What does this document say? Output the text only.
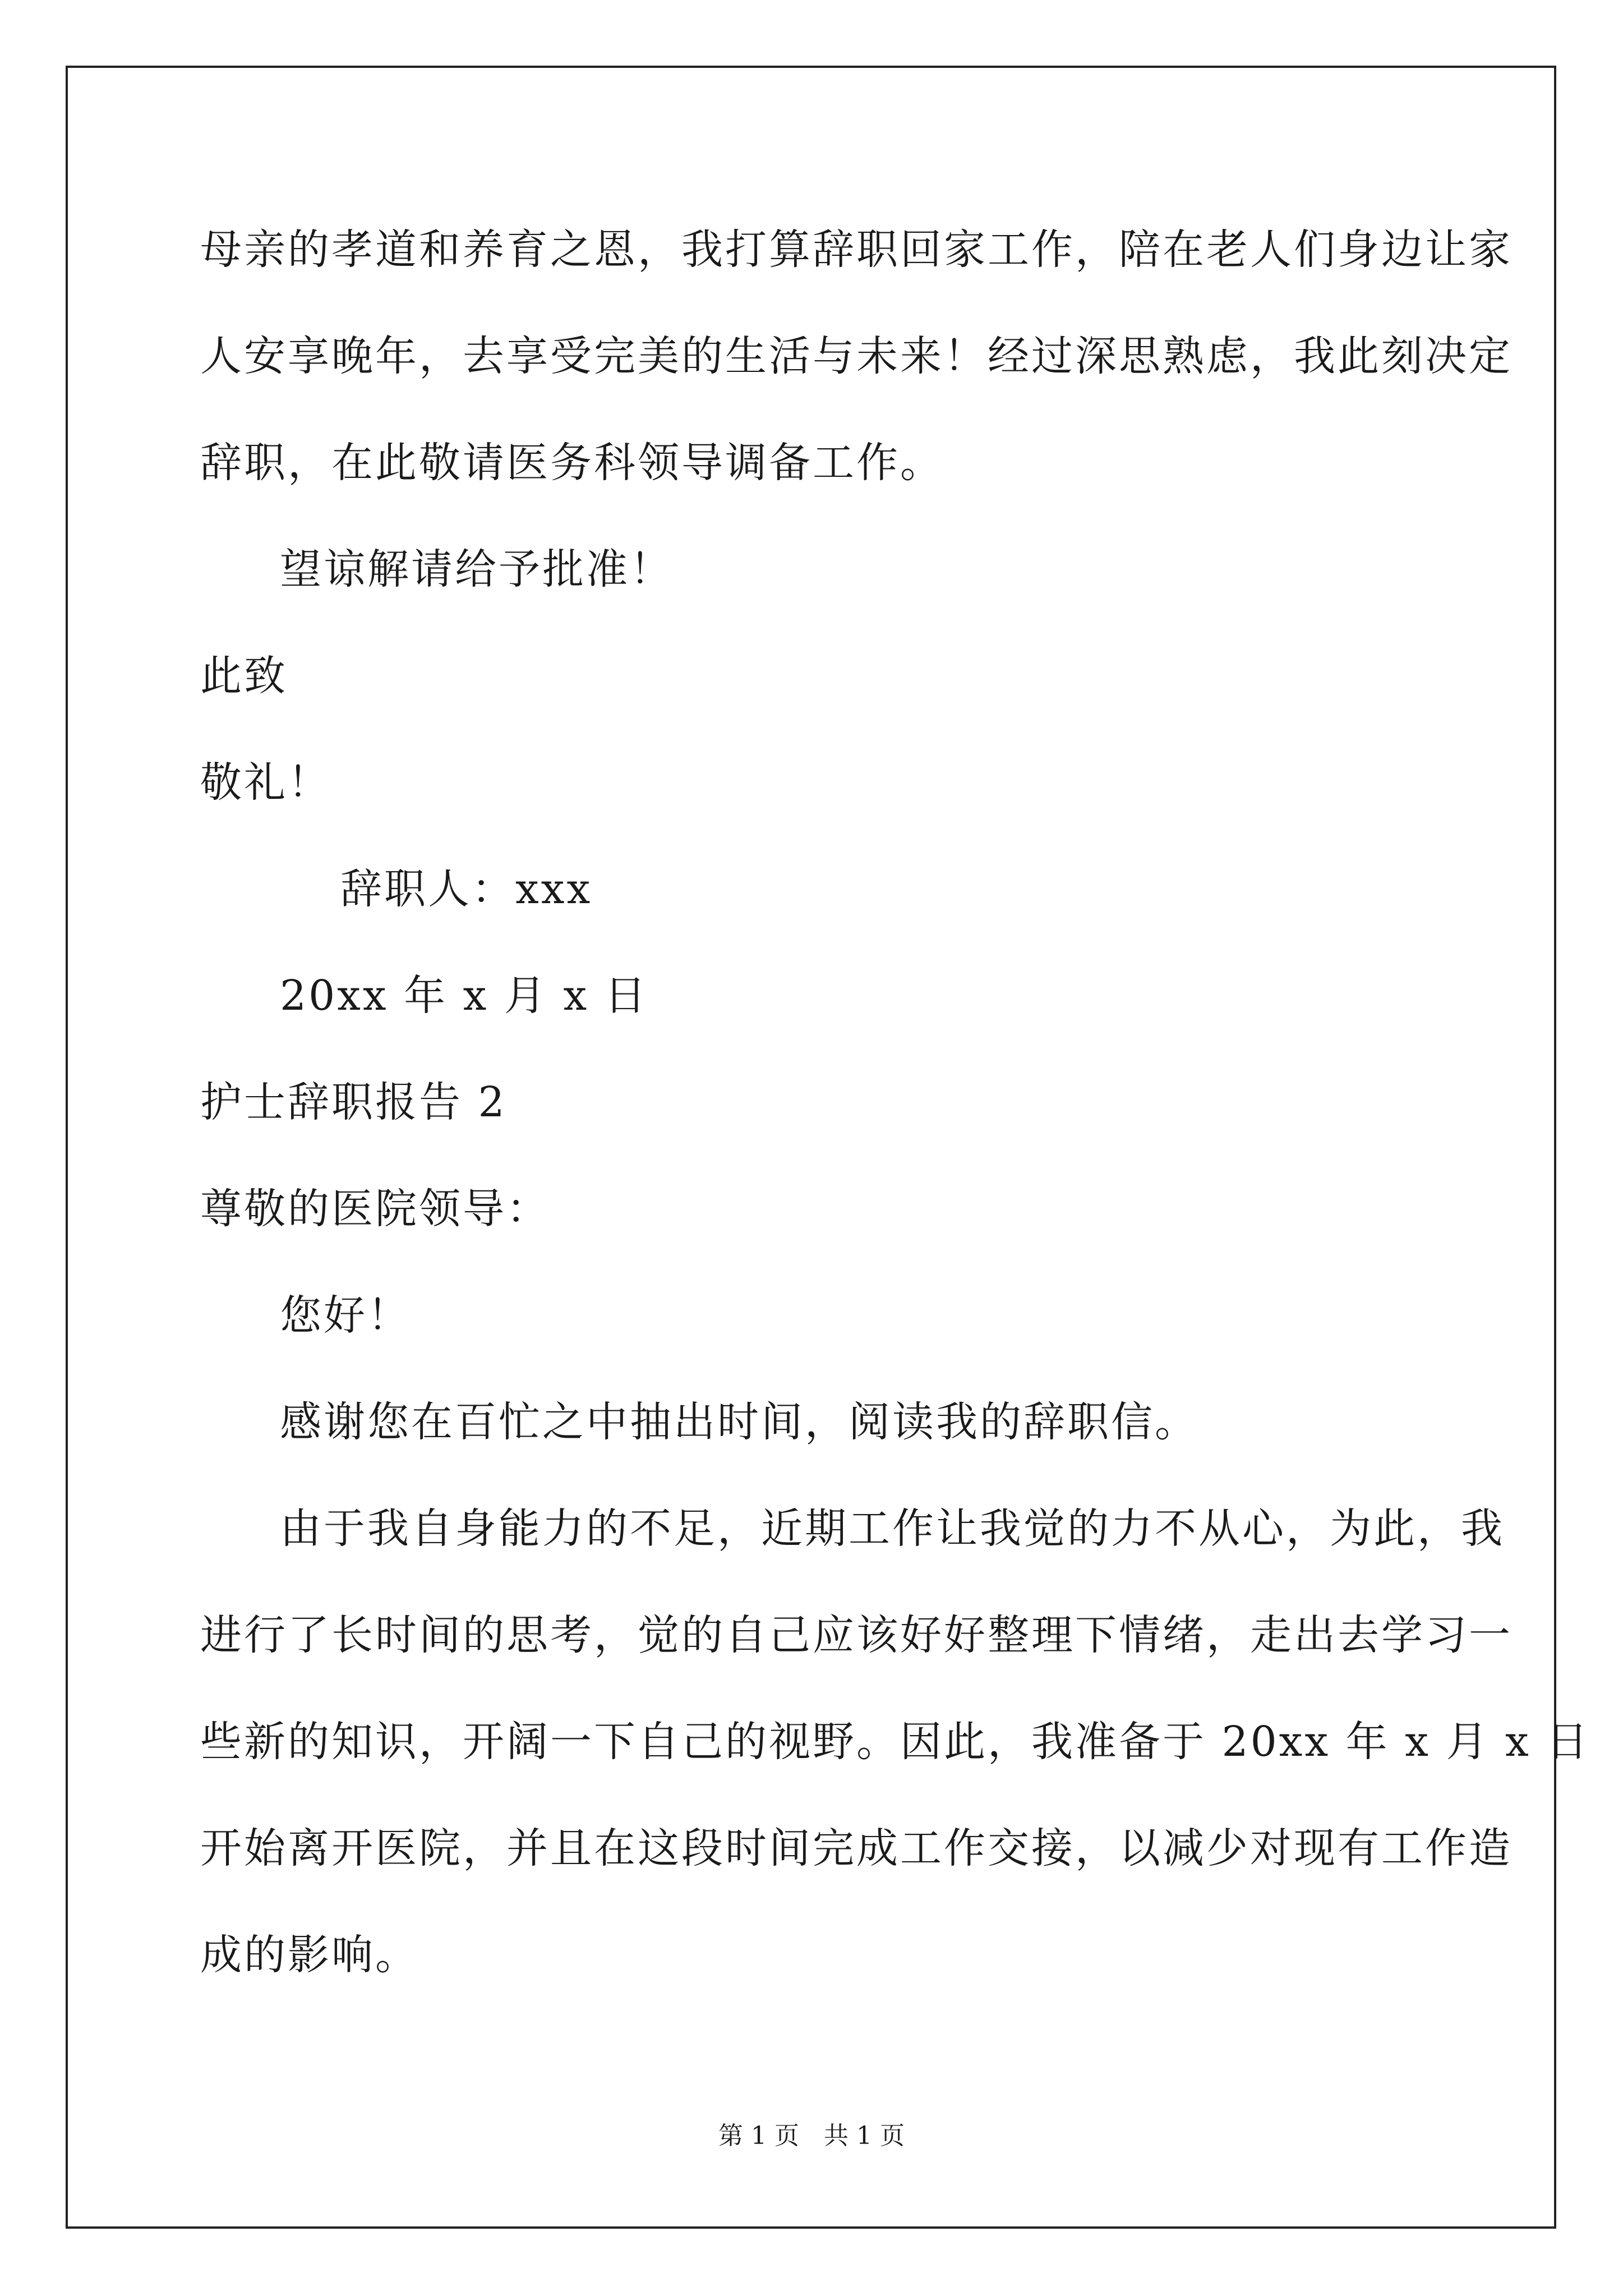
母亲的孝道和养育之恩，我打算辞职回家工作，陪在老人们身边让家
人安享晚年，去享受完美的生活与未来！经过深思熟虑，我此刻决定
辞职，在此敬请医务科领导调备工作。
望谅解请给予批准！
此致
敬礼！
辞职人：xxx
20xx 年 x 月 x 日
护士辞职报告 2
尊敬的医院领导：
您好！
感谢您在百忙之中抽出时间，阅读我的辞职信。
由于我自身能力的不足，近期工作让我觉的力不从心，为此，我
进行了长时间的思考，觉的自己应该好好整理下情绪，走出去学习一
些新的知识，开阔一下自己的视野。因此，我准备于 20xx 年 x 月 x 日
开始离开医院，并且在这段时间完成工作交接，以减少对现有工作造
成的影响。
第 1 页　共 1 页
